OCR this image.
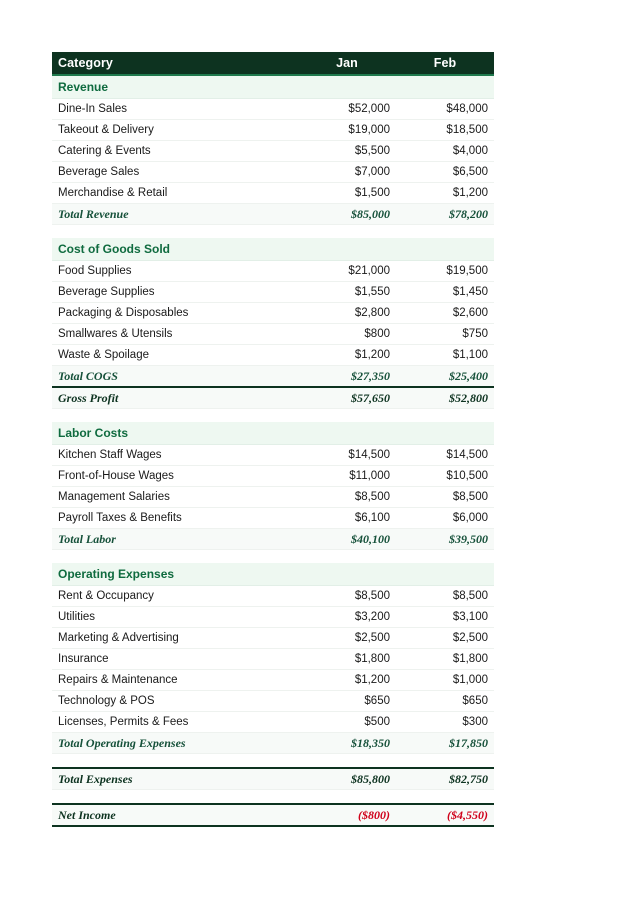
Category	Jan	Feb
Revenue		
Dine-In Sales	$52,000	$48,000
Takeout & Delivery	$19,000	$18,500
Catering & Events	$5,500	$4,000
Beverage Sales	$7,000	$6,500
Merchandise & Retail	$1,500	$1,200
Total Revenue	$85,000	$78,200

Cost of Goods Sold		
Food Supplies	$21,000	$19,500
Beverage Supplies	$1,550	$1,450
Packaging & Disposables	$2,800	$2,600
Smallwares & Utensils	$800	$750
Waste & Spoilage	$1,200	$1,100
Total COGS	$27,350	$25,400
Gross Profit	$57,650	$52,800

Labor Costs		
Kitchen Staff Wages	$14,500	$14,500
Front-of-House Wages	$11,000	$10,500
Management Salaries	$8,500	$8,500
Payroll Taxes & Benefits	$6,100	$6,000
Total Labor	$40,100	$39,500

Operating Expenses		
Rent & Occupancy	$8,500	$8,500
Utilities	$3,200	$3,100
Marketing & Advertising	$2,500	$2,500
Insurance	$1,800	$1,800
Repairs & Maintenance	$1,200	$1,000
Technology & POS	$650	$650
Licenses, Permits & Fees	$500	$300
Total Operating Expenses	$18,350	$17,850

Total Expenses	$85,800	$82,750

Net Income	($800)	($4,550)
